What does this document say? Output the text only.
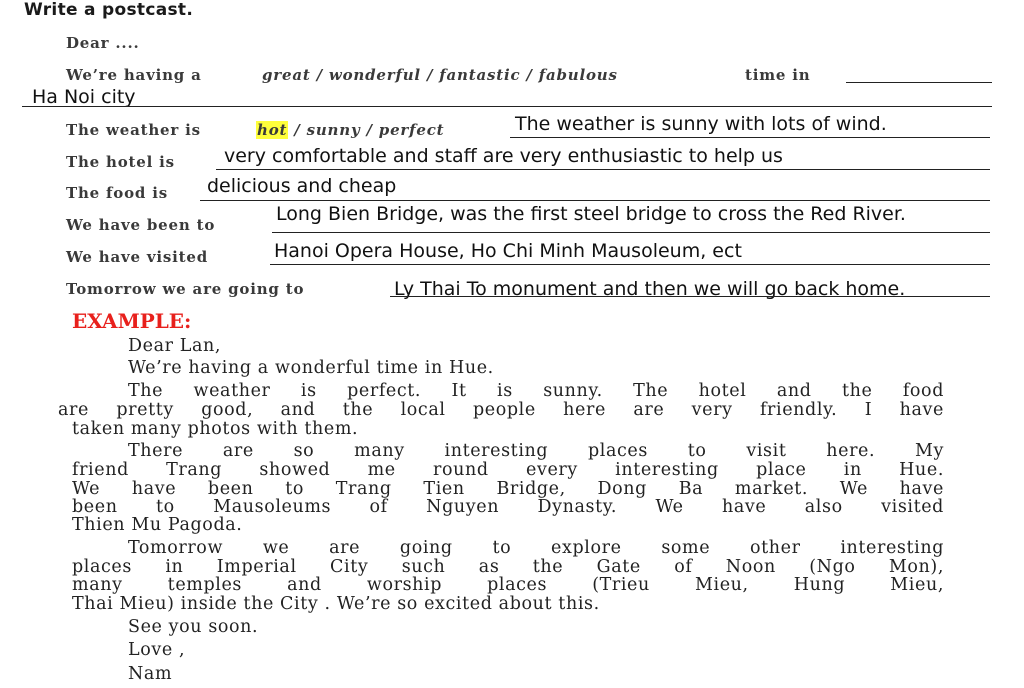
Write a postcast.
Dear ....
We’re having a	great / wonderful / fantastic / fabulous	time in
Ha Noi city
The weather is	hot / sunny / perfect	The weather is sunny with lots of wind.
The hotel is	very comfortable and staff are very enthusiastic to help us
The food is delicious and cheap
We have been to	Long Bien Bridge, was the first steel bridge to cross the Red River.
We have visited	Hanoi Opera House, Ho Chi Minh Mausoleum, ect
Tomorrow we are going to	Ly Thai To monument and then we will go back home.
EXAMPLE:
Dear Lan,
We’re having a wonderful time in Hue.
The weather is perfect. It is sunny. The hotel and the food
are pretty good, and the local people here are very friendly. I have
taken many photos with them.
There are so many interesting places to visit here. My
friend Trang showed me round every interesting place in Hue.
We have been to Trang Tien Bridge, Dong Ba market. We have
been to Mausoleums of Nguyen Dynasty. We have also visited
Thien Mu Pagoda.
Tomorrow we are going to explore some other interesting
places in Imperial City such as the Gate of Noon (Ngo Mon),
many temples and worship places (Trieu Mieu, Hung Mieu,
Thai Mieu) inside the City . We’re so excited about this.
See you soon.
Love ,
Nam
